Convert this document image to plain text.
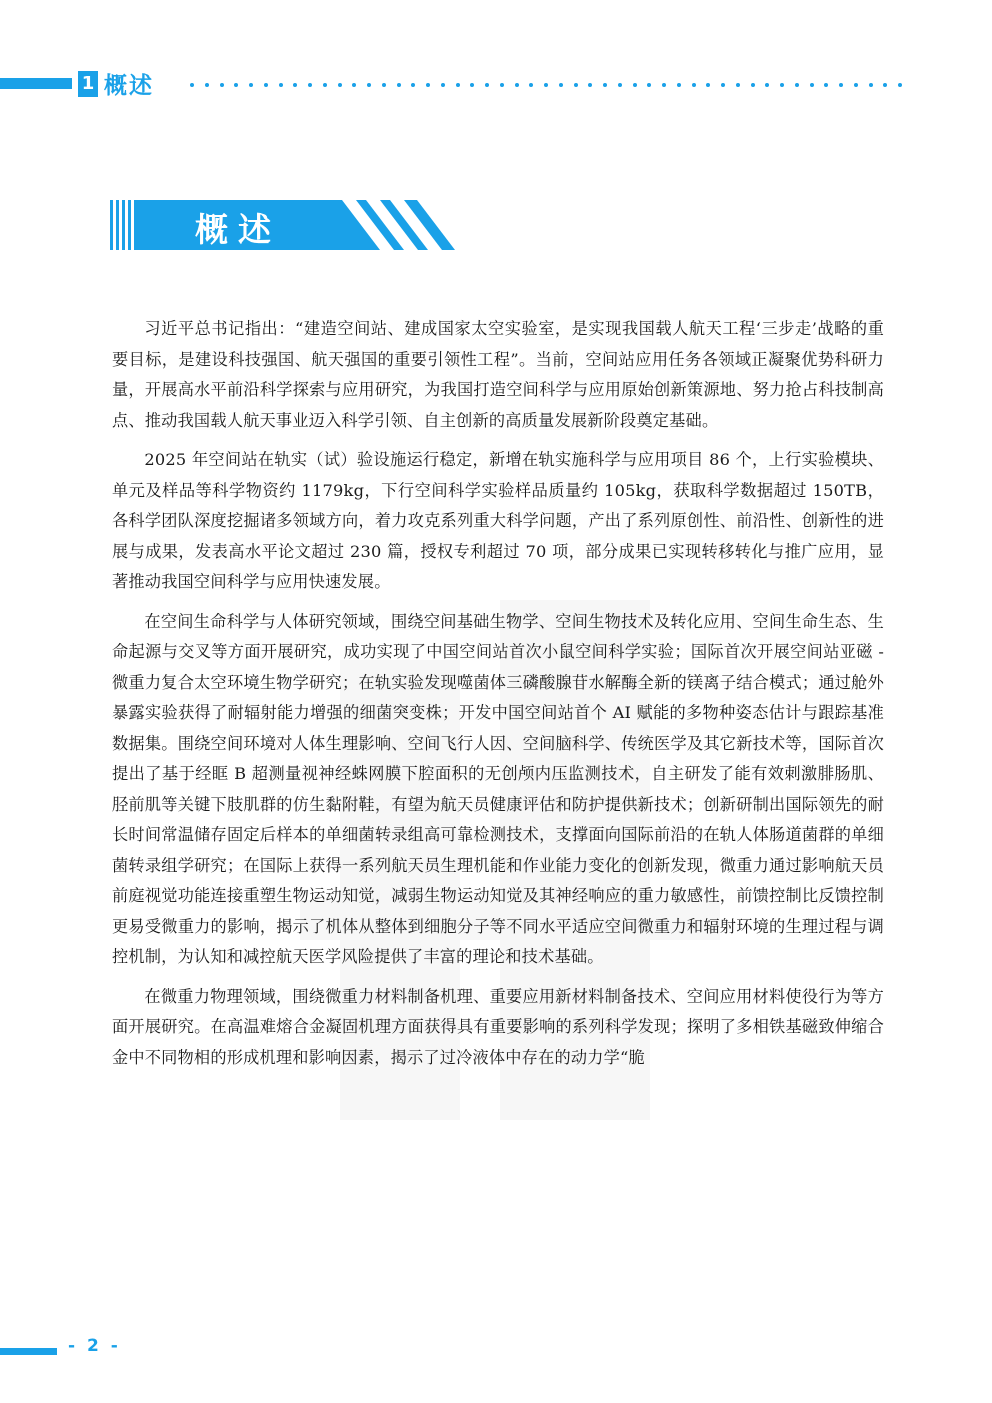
1 概述
概述

习近平总书记指出：“建造空间站、建成国家太空实验室，是实现我国载人航天工程‘三步走’战略的重要目标，是建设科技强国、航天强国的重要引领性工程”。当前，空间站应用任务各领域正凝聚优势科研力量，开展高水平前沿科学探索与应用研究，为我国打造空间科学与应用原始创新策源地、努力抢占科技制高点、推动我国载人航天事业迈入科学引领、自主创新的高质量发展新阶段奠定基础。

2025 年空间站在轨实（试）验设施运行稳定，新增在轨实施科学与应用项目 86 个，上行实验模块、单元及样品等科学物资约 1179kg，下行空间科学实验样品质量约 105kg，获取科学数据超过 150TB，各科学团队深度挖掘诸多领域方向，着力攻克系列重大科学问题，产出了系列原创性、前沿性、创新性的进展与成果，发表高水平论文超过 230 篇，授权专利超过 70 项，部分成果已实现转移转化与推广应用，显著推动我国空间科学与应用快速发展。

在空间生命科学与人体研究领域，围绕空间基础生物学、空间生物技术及转化应用、空间生命生态、生命起源与交叉等方面开展研究，成功实现了中国空间站首次小鼠空间科学实验；国际首次开展空间站亚磁 - 微重力复合太空环境生物学研究；在轨实验发现噬菌体三磷酸腺苷水解酶全新的镁离子结合模式；通过舱外暴露实验获得了耐辐射能力增强的细菌突变株；开发中国空间站首个 AI 赋能的多物种姿态估计与跟踪基准数据集。围绕空间环境对人体生理影响、空间飞行人因、空间脑科学、传统医学及其它新技术等，国际首次提出了基于经眶 B 超测量视神经蛛网膜下腔面积的无创颅内压监测技术，自主研发了能有效刺激腓肠肌、胫前肌等关键下肢肌群的仿生黏附鞋，有望为航天员健康评估和防护提供新技术；创新研制出国际领先的耐长时间常温储存固定后样本的单细菌转录组高可靠检测技术，支撑面向国际前沿的在轨人体肠道菌群的单细菌转录组学研究；在国际上获得一系列航天员生理机能和作业能力变化的创新发现，微重力通过影响航天员前庭视觉功能连接重塑生物运动知觉，减弱生物运动知觉及其神经响应的重力敏感性，前馈控制比反馈控制更易受微重力的影响，揭示了机体从整体到细胞分子等不同水平适应空间微重力和辐射环境的生理过程与调控机制，为认知和减控航天医学风险提供了丰富的理论和技术基础。

在微重力物理领域，围绕微重力材料制备机理、重要应用新材料制备技术、空间应用材料使役行为等方面开展研究。在高温难熔合金凝固机理方面获得具有重要影响的系列科学发现；探明了多相铁基磁致伸缩合金中不同物相的形成机理和影响因素，揭示了过冷液体中存在的动力学“脆

- 2 -
